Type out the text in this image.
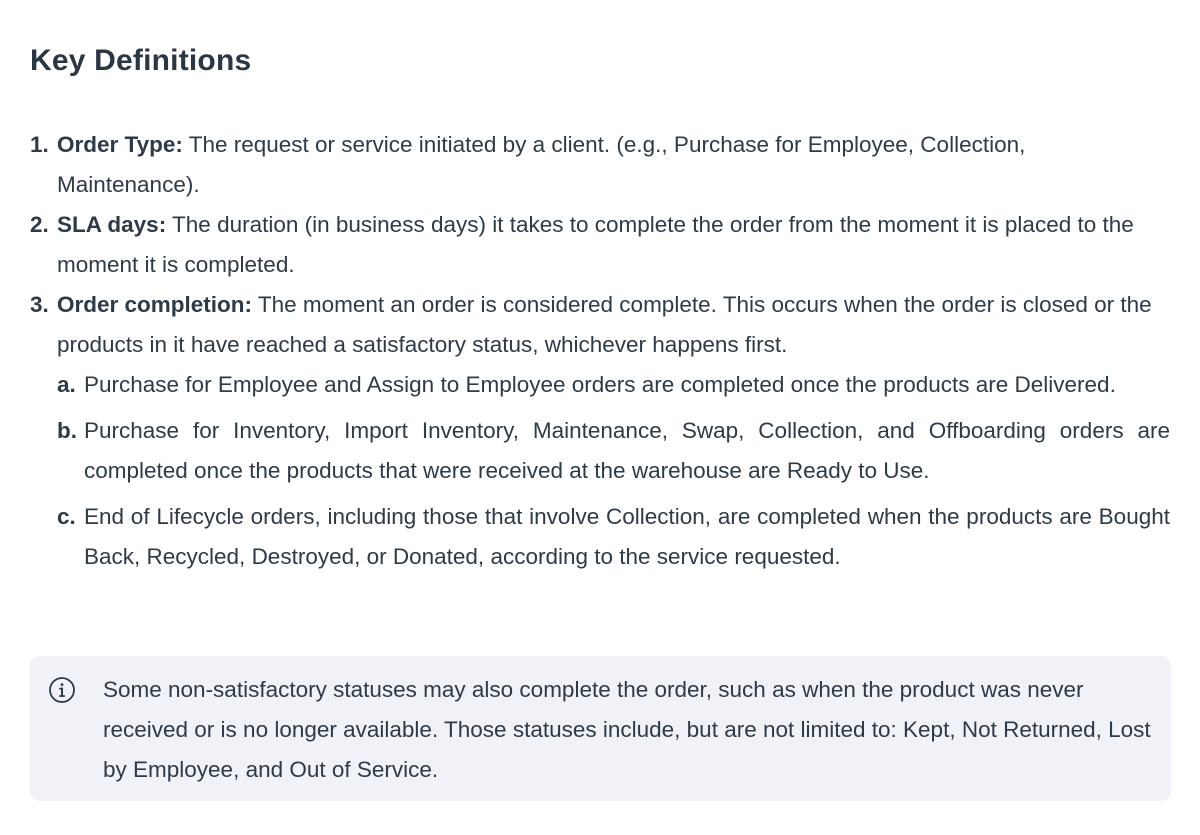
Key Definitions
1. Order Type: The request or service initiated by a client. (e.g., Purchase for Employee, Collection, Maintenance).
2. SLA days: The duration (in business days) it takes to complete the order from the moment it is placed to the moment it is completed.
3. Order completion: The moment an order is considered complete. This occurs when the order is closed or the products in it have reached a satisfactory status, whichever happens first.
a. Purchase for Employee and Assign to Employee orders are completed once the products are Delivered.
b. Purchase for Inventory, Import Inventory, Maintenance, Swap, Collection, and Offboarding orders are completed once the products that were received at the warehouse are Ready to Use.
c. End of Lifecycle orders, including those that involve Collection, are completed when the products are Bought Back, Recycled, Destroyed, or Donated, according to the service requested.

Some non-satisfactory statuses may also complete the order, such as when the product was never received or is no longer available. Those statuses include, but are not limited to: Kept, Not Returned, Lost by Employee, and Out of Service.
